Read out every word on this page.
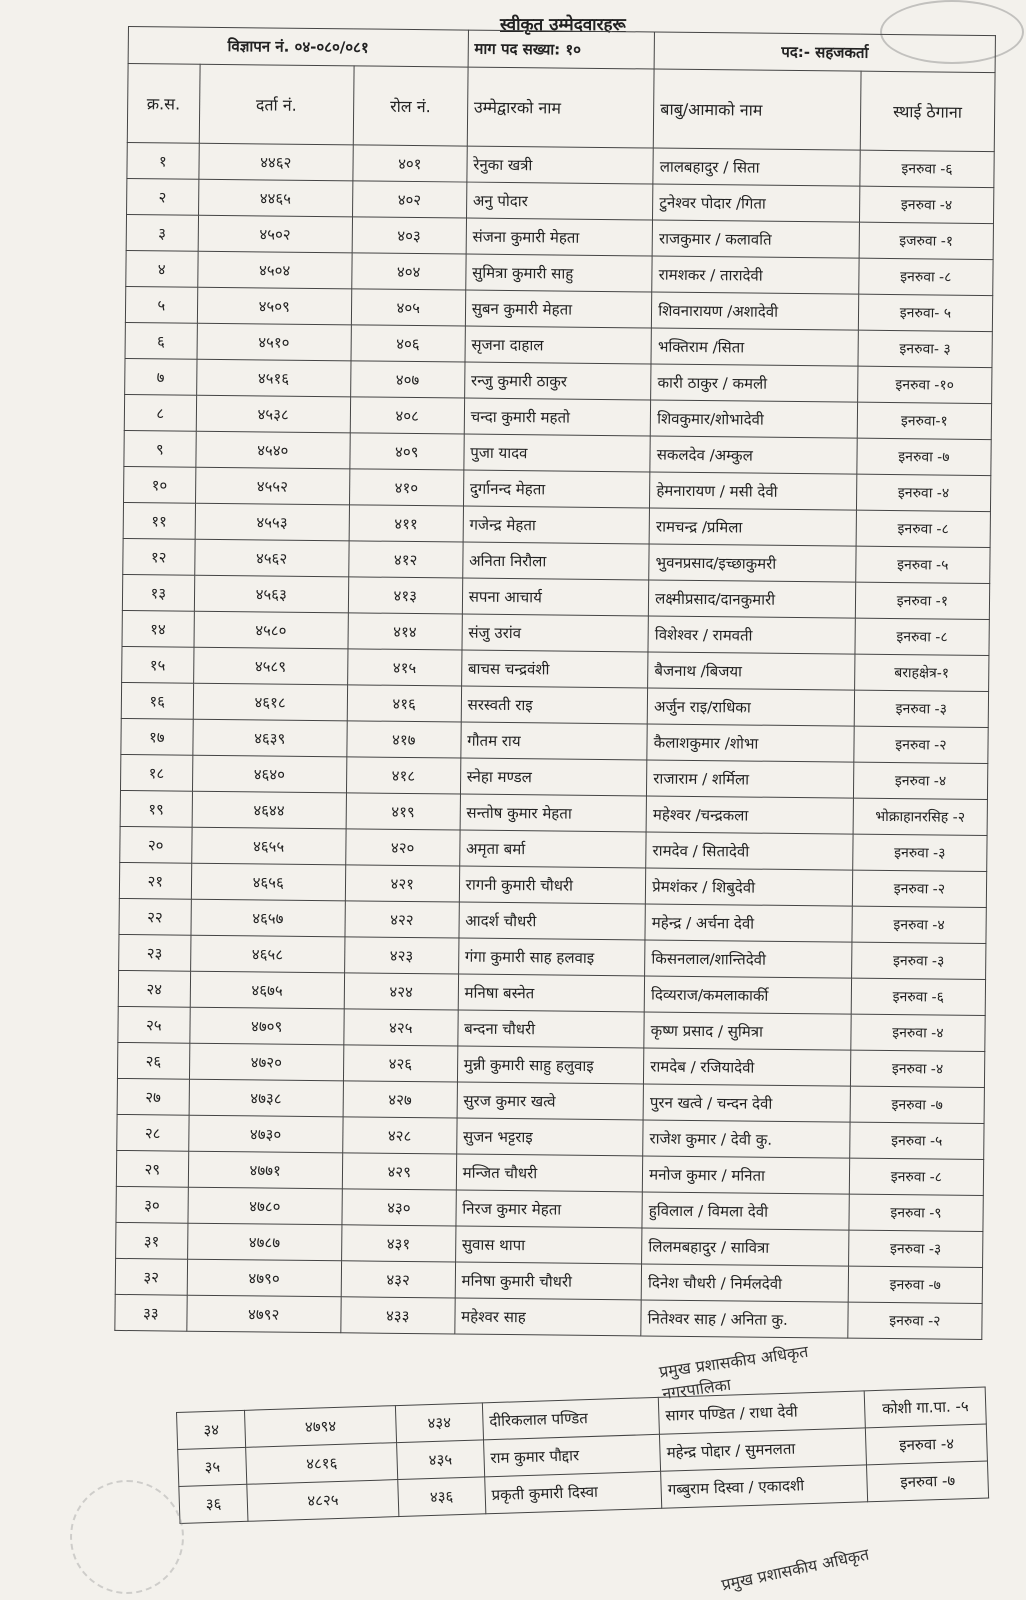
स्वीकृत उम्मेदवारहरू
विज्ञापन नं. ०४-०८०/०८१			माग पद सख्या: १०	पद:- सहजकर्ता	
क्र.स.	दर्ता नं.	रोल नं.	उम्मेद्वारको नाम	बाबु/आमाको नाम	स्थाई ठेगाना
१	४४६२	४०१	रेनुका खत्री	लालबहादुर / सिता	इनरुवा -६
२	४४६५	४०२	अनु पोदार	टुनेश्वर पोदार /गिता	इनरुवा -४
३	४५०२	४०३	संजना कुमारी मेहता	राजकुमार / कलावति	इजरुवा -१
४	४५०४	४०४	सुमित्रा कुमारी साहु	रामशकर / तारादेवी	इनरुवा -८
५	४५०९	४०५	सुबन कुमारी मेहता	शिवनारायण /अशादेवी	इनरुवा- ५
६	४५१०	४०६	सृजना दाहाल	भक्तिराम /सिता	इनरुवा- ३
७	४५१६	४०७	रन्जु कुमारी ठाकुर	कारी ठाकुर / कमली	इनरुवा -१०
८	४५३८	४०८	चन्दा कुमारी महतो	शिवकुमार/शोभादेवी	इनरुवा-१
९	४५४०	४०९	पुजा यादव	सकलदेव /अम्कुल	इनरुवा -७
१०	४५५२	४१०	दुर्गानन्द मेहता	हेमनारायण / मसी देवी	इनरुवा -४
११	४५५३	४११	गजेन्द्र मेहता	रामचन्द्र /प्रमिला	इनरुवा -८
१२	४५६२	४१२	अनिता निरौला	भुवनप्रसाद/इच्छाकुमरी	इनरुवा -५
१३	४५६३	४१३	सपना आचार्य	लक्ष्मीप्रसाद/दानकुमारी	इनरुवा -१
१४	४५८०	४१४	संजु उरांव	विशेश्वर / रामवती	इनरुवा -८
१५	४५८९	४१५	बाचस चन्द्रवंशी	बैजनाथ /बिजया	बराहक्षेत्र-१
१६	४६१८	४१६	सरस्वती राइ	अर्जुन राइ/राधिका	इनरुवा -३
१७	४६३९	४१७	गौतम राय	कैलाशकुमार /शोभा	इनरुवा -२
१८	४६४०	४१८	स्नेहा मण्डल	राजाराम / शर्मिला	इनरुवा -४
१९	४६४४	४१९	सन्तोष कुमार मेहता	महेश्वर /चन्द्रकला	भोक्राहानरसिह -२
२०	४६५५	४२०	अमृता बर्मा	रामदेव / सितादेवी	इनरुवा -३
२१	४६५६	४२१	रागनी कुमारी चौधरी	प्रेमशंकर / शिबुदेवी	इनरुवा -२
२२	४६५७	४२२	आदर्श चौधरी	महेन्द्र / अर्चना देवी	इनरुवा -४
२३	४६५८	४२३	गंगा कुमारी साह हलवाइ	किसनलाल/शान्तिदेवी	इनरुवा -३
२४	४६७५	४२४	मनिषा बस्नेत	दिव्यराज/कमलाकार्की	इनरुवा -६
२५	४७०९	४२५	बन्दना चौधरी	कृष्ण प्रसाद / सुमित्रा	इनरुवा -४
२६	४७२०	४२६	मुन्नी कुमारी साहु हलुवाइ	रामदेब / रजियादेवी	इनरुवा -४
२७	४७३८	४२७	सुरज कुमार खत्वे	पुरन खत्वे / चन्दन देवी	इनरुवा -७
२८	४७३०	४२८	सुजन भट्टराइ	राजेश कुमार / देवी कु.	इनरुवा -५
२९	४७७१	४२९	मन्जित चौधरी	मनोज कुमार / मनिता	इनरुवा -८
३०	४७८०	४३०	निरज कुमार मेहता	हुविलाल / विमला देवी	इनरुवा -९
३१	४७८७	४३१	सुवास थापा	लिलमबहादुर / सावित्रा	इनरुवा -३
३२	४७९०	४३२	मनिषा कुमारी चौधरी	दिनेश चौधरी / निर्मलदेवी	इनरुवा -७
३३	४७९२	४३३	महेश्वर साह	नितेश्वर साह / अनिता कु.	इनरुवा -२
प्रमुख प्रशासकीय अधिकृत
नगरपालिका
३४	४७९४	४३४	दीरिकलाल पण्डित	सागर पण्डित / राधा देवी	कोशी गा.पा. -५
३५	४८१६	४३५	राम कुमार पौद्दार	महेन्द्र पोद्दार / सुमनलता	इनरुवा -४
३६	४८२५	४३६	प्रकृती कुमारी दिस्वा	गब्बुराम दिस्वा / एकादशी	इनरुवा -७
प्रमुख प्रशासकीय अधिकृत
